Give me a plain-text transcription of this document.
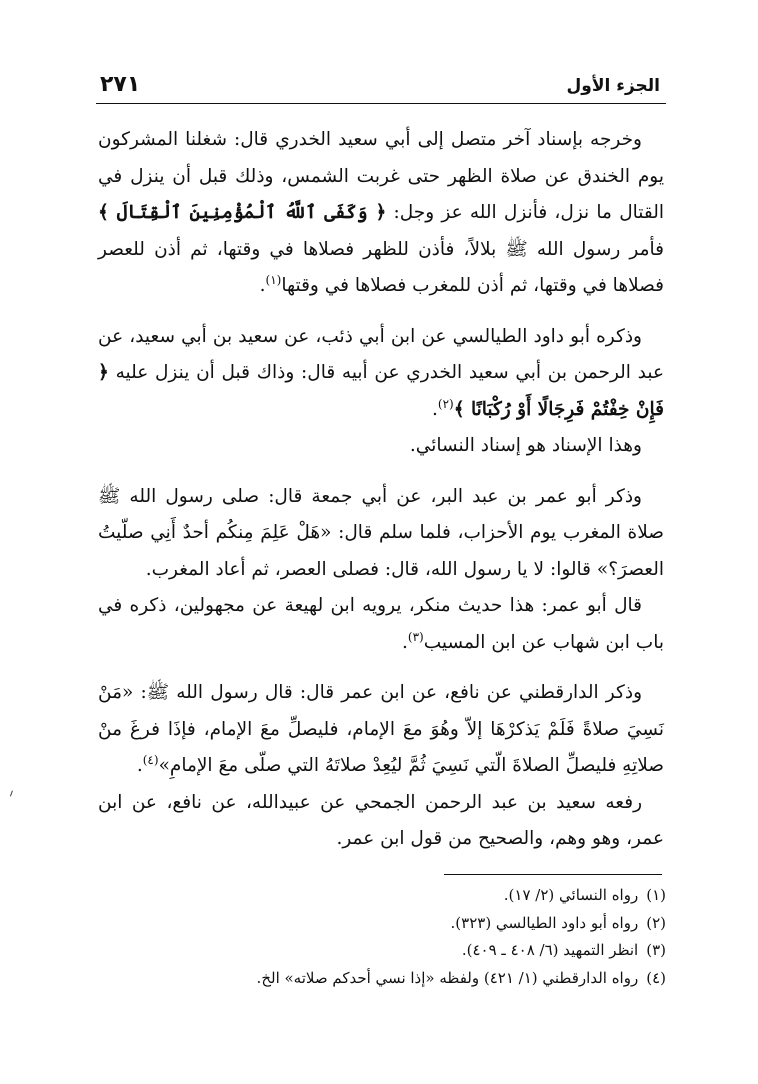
الجزء الأول
٢٧١

وخرجه بإسناد آخر متصل إلى أبي سعيد الخدري قال: شغلنا المشركون يوم الخندق عن صلاة الظهر حتى غربت الشمس، وذلك قبل أن ينزل في القتال ما نزل، فأنزل الله عز وجل: ﴿ وَكَفَى ٱللَّهُ ٱلْمُؤْمِنِينَ ٱلْقِتَالَ ﴾ فأمر رسول الله ﷺ بلالاً، فأذن للظهر فصلاها في وقتها، ثم أذن للعصر فصلاها في وقتها، ثم أذن للمغرب فصلاها في وقتها$^{(١)}$.

وذكره أبو داود الطيالسي عن ابن أبي ذئب، عن سعيد بن أبي سعيد، عن عبد الرحمن بن أبي سعيد الخدري عن أبيه قال: وذاك قبل أن ينزل عليه ﴿ فَإِنْ خِفْتُمْ فَرِجَالًا أَوْ رُكْبَانًا ﴾$^{(٢)}$.

وهذا الإسناد هو إسناد النسائي.

وذكر أبو عمر بن عبد البر، عن أبي جمعة قال: صلى رسول الله ﷺ صلاة المغرب يوم الأحزاب، فلما سلم قال: «هَلْ عَلِمَ مِنكُم أحدٌ أَنِي صلّيتُ العصرَ؟» قالوا: لا يا رسول الله، قال: فصلى العصر، ثم أعاد المغرب.

قال أبو عمر: هذا حديث منكر، يرويه ابن لهيعة عن مجهولين، ذكره في باب ابن شهاب عن ابن المسيب$^{(٣)}$.

وذكر الدارقطني عن نافع، عن ابن عمر قال: قال رسول الله ﷺ: «مَنْ نَسِيَ صلاةً فَلَمْ يَذكرْهَا إلاّ وهُوَ معَ الإمام، فليصلِّ معَ الإمام، فإذَا فرغَ منْ صلاتِهِ فليصلِّ الصلاةَ الّتي نَسِيَ ثُمَّ ليُعِدْ صلاتَهُ التي صلّى معَ الإمامِ»$^{(٤)}$.

رفعه سعيد بن عبد الرحمن الجمحي عن عبيدالله، عن نافع، عن ابن عمر، وهو وهم، والصحيح من قول ابن عمر.

(١)رواه النسائي (٢/ ١٧).

(٢)رواه أبو داود الطيالسي (٣٢٣).

(٣)انظر التمهيد (٦/ ٤٠٨ ـ ٤٠٩).

(٤)رواه الدارقطني (١/ ٤٢١) ولفظه «إذا نسي أحدكم صلاته» الخ.
